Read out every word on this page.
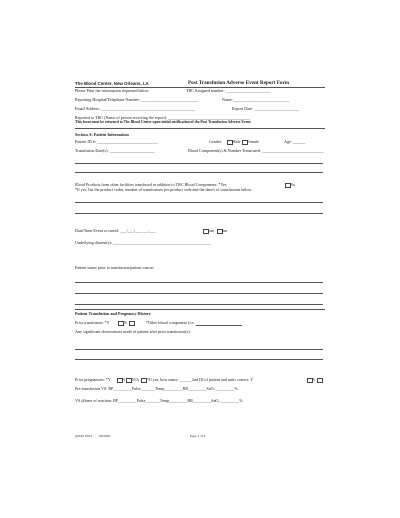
The Blood Center, New Orleans, LA	Post Transfusion Adverse Event Report Form
Please Print the information requested below.	TBC Assigned number: ______________________
Reporting Hospital/Telephone Number: ____________________________	Name: ___________________________
Email Address: ______________________________________________	Report Date: ______________________
Reported to TBC (Name of person receiving the report): ________________________________________
This form must be returned to The Blood Center upon initial notification of the Post Transfusion Adverse Event.
Section A: Patient Information
Patient ID #: ______________________________	Gender: Male Female	Age: ______
Transfusion Date(s): ______________________	Blood Component(s) & Number Transfused: ______________________________
Blood Products from other facilities transfused in addition to TBC Blood Components: *Yes	No
*If yes, list the product codes, number of transfusions per product code and the date/s of transfusions below.
Date/Time Event occurred: ___/___/___ ___:___	am pm
Underlying disease(s): ________________________________________________
Patient status prior to transfusion/patient course:
Patient Transfusion and Pregnancy History
Prior transfusion: *Y	N	*Other blood component (i.e.
Any significant observations made of patient after prior transfusion(s):
Prior pregnancies: *Y	N N/A *If yes, how many: ______2nd ID of patient and units correct: Y	N
Pre-transfusion VS: BP_________Pulse_______Temp_________RR_________SaO₂ _________%
VS @time of reaction: BP_________Pulse_______Temp_________RR_________SaO₂ _________%
Q2001 F013 09/2020	Page 1 of 3
